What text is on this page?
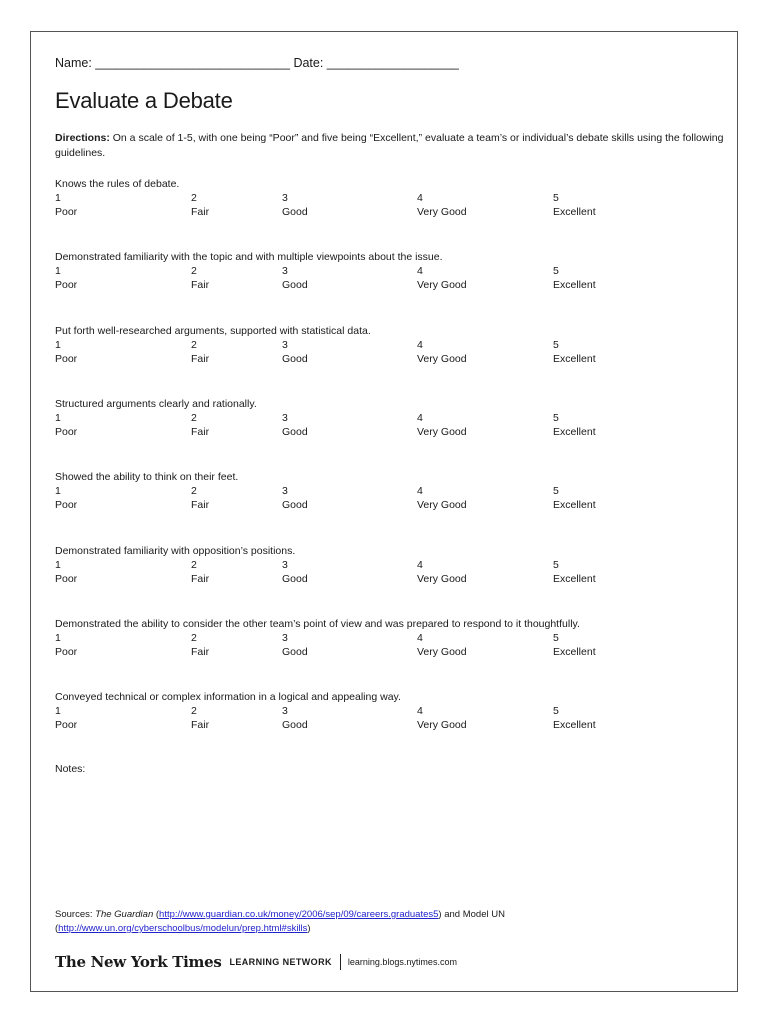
Name: ____________________________ Date: ___________________
Evaluate a Debate
Directions: On a scale of 1-5, with one being “Poor” and five being “Excellent,” evaluate a team’s or individual’s debate skills using the following guidelines.
Knows the rules of debate.
1
Poor
2
Fair
3
Good
4
Very Good
5
Excellent
Demonstrated familiarity with the topic and with multiple viewpoints about the issue.
1
Poor
2
Fair
3
Good
4
Very Good
5
Excellent
Put forth well-researched arguments, supported with statistical data.
1
Poor
2
Fair
3
Good
4
Very Good
5
Excellent
Structured arguments clearly and rationally.
1
Poor
2
Fair
3
Good
4
Very Good
5
Excellent
Showed the ability to think on their feet.
1
Poor
2
Fair
3
Good
4
Very Good
5
Excellent
Demonstrated familiarity with opposition’s positions.
1
Poor
2
Fair
3
Good
4
Very Good
5
Excellent
Demonstrated the ability to consider the other team’s point of view and was prepared to respond to it thoughtfully.
1
Poor
2
Fair
3
Good
4
Very Good
5
Excellent
Conveyed technical or complex information in a logical and appealing way.
1
Poor
2
Fair
3
Good
4
Very Good
5
Excellent
Notes:
Sources: The Guardian (http://www.guardian.co.uk/money/2006/sep/09/careers.graduates5) and Model UN
(http://www.un.org/cyberschoolbus/modelun/prep.html#skills)
The New York Times LEARNING NETWORK learning.blogs.nytimes.com
